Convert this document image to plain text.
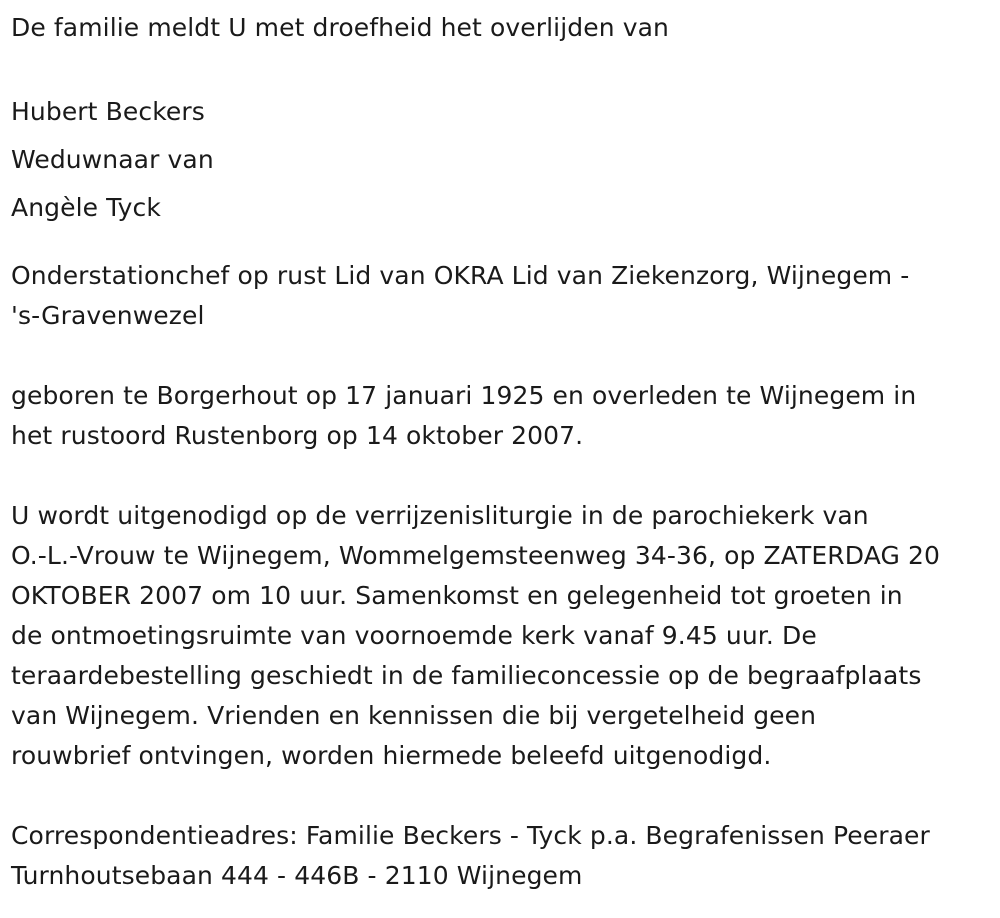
De familie meldt U met droefheid het overlijden van

Hubert Beckers

Weduwnaar van

Angèle Tyck

Onderstationchef op rust Lid van OKRA Lid van Ziekenzorg, Wijnegem -

's-Gravenwezel

geboren te Borgerhout op 17 januari 1925 en overleden te Wijnegem in

het rustoord Rustenborg op 14 oktober 2007.

U wordt uitgenodigd op de verrijzenisliturgie in de parochiekerk van

O.-L.-Vrouw te Wijnegem, Wommelgemsteenweg 34-36, op ZATERDAG 20

OKTOBER 2007 om 10 uur. Samenkomst en gelegenheid tot groeten in

de ontmoetingsruimte van voornoemde kerk vanaf 9.45 uur. De

teraardebestelling geschiedt in de familieconcessie op de begraafplaats

van Wijnegem. Vrienden en kennissen die bij vergetelheid geen

rouwbrief ontvingen, worden hiermede beleefd uitgenodigd.

Correspondentieadres: Familie Beckers - Tyck p.a. Begrafenissen Peeraer

Turnhoutsebaan 444 - 446B - 2110 Wijnegem
